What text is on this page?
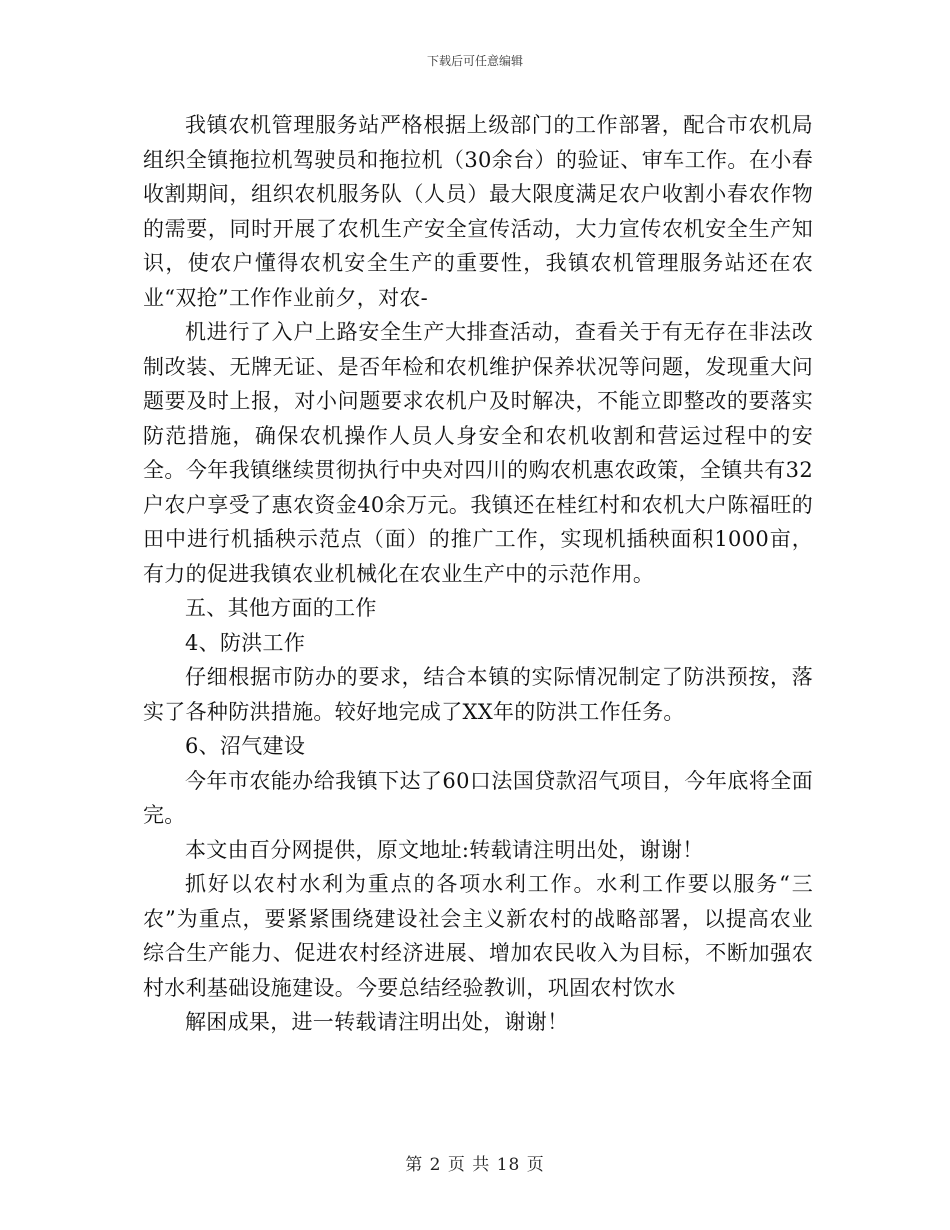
下载后可任意编辑

我镇农机管理服务站严格根据上级部门的工作部署，配合市农机局组织全镇拖拉机驾驶员和拖拉机（30余台）的验证、审车工作。在小春收割期间，组织农机服务队（人员）最大限度满足农户收割小春农作物的需要，同时开展了农机生产安全宣传活动，大力宣传农机安全生产知识，使农户懂得农机安全生产的重要性，我镇农机管理服务站还在农业“双抢”工作作业前夕，对农-

机进行了入户上路安全生产大排查活动，查看关于有无存在非法改制改装、无牌无证、是否年检和农机维护保养状况等问题，发现重大问题要及时上报，对小问题要求农机户及时解决，不能立即整改的要落实防范措施，确保农机操作人员人身安全和农机收割和营运过程中的安全。今年我镇继续贯彻执行中央对四川的购农机惠农政策，全镇共有32户农户享受了惠农资金40余万元。我镇还在桂红村和农机大户陈福旺的田中进行机插秧示范点（面）的推广工作，实现机插秧面积1000亩，有力的促进我镇农业机械化在农业生产中的示范作用。

五、其他方面的工作

4、防洪工作

仔细根据市防办的要求，结合本镇的实际情况制定了防洪预按，落实了各种防洪措施。较好地完成了XX年的防洪工作任务。

6、沼气建设

今年市农能办给我镇下达了60口法国贷款沼气项目，今年底将全面完。

本文由百分网提供，原文地址:转载请注明出处，谢谢！

抓好以农村水利为重点的各项水利工作。水利工作要以服务“三农”为重点，要紧紧围绕建设社会主义新农村的战略部署，以提高农业综合生产能力、促进农村经济进展、增加农民收入为目标，不断加强农村水利基础设施建设。今要总结经验教训，巩固农村饮水

解困成果，进一转载请注明出处，谢谢！

第 2 页 共 18 页
